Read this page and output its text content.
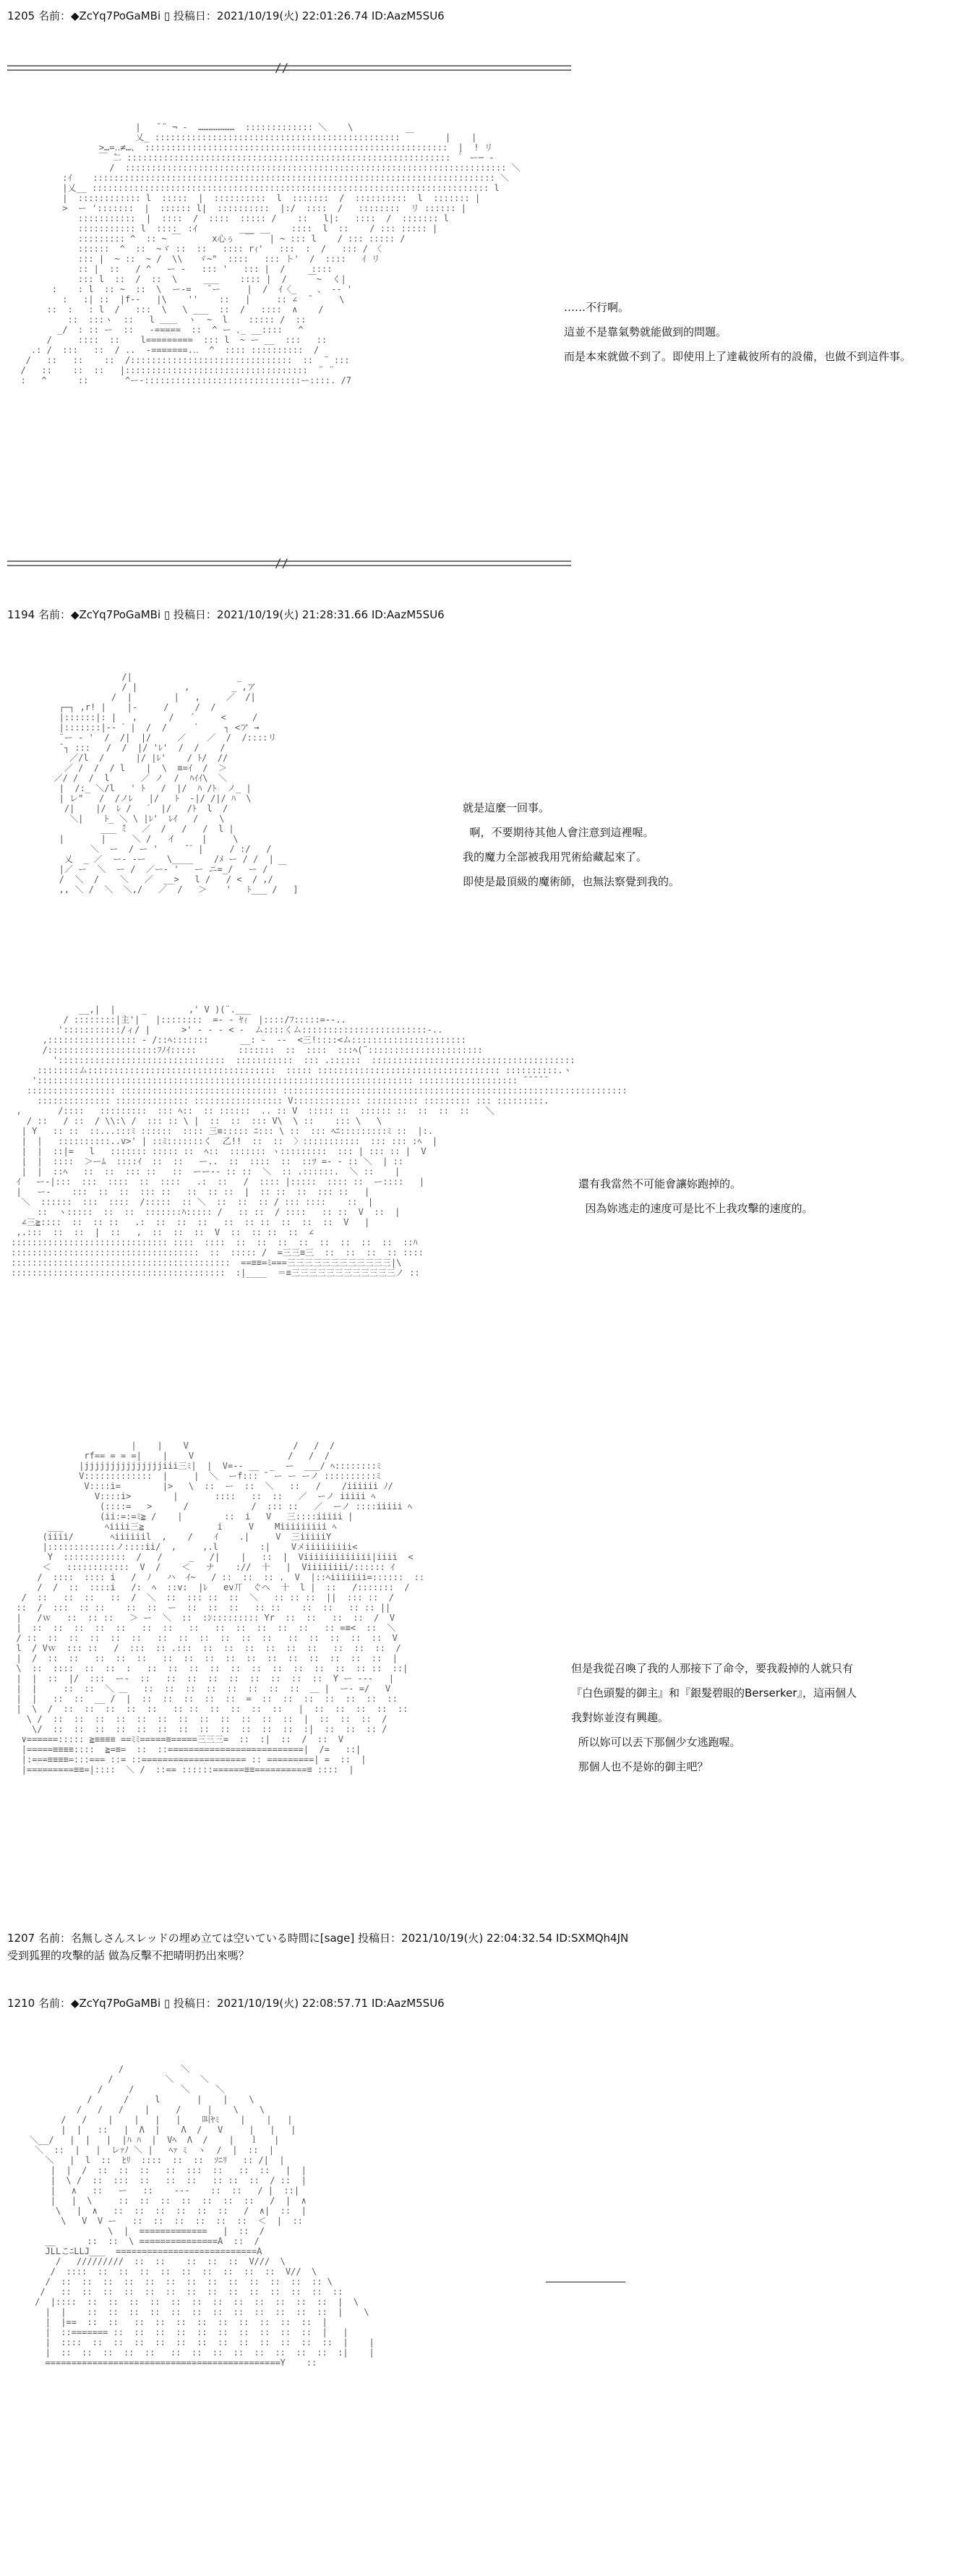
1205 名前：◆ZcYq7PoGaMBi ▯ 投稿日：2021/10/19(火) 22:01:26.74 ID:AazM5SU6
//

|   ̄ ¨ ¬ -  …………………  ::::::::::::: ＼    \
乂_ ::::::::::::::::::::::::::::::::::::::::::::::: ￣      |    |
>…=‥≠…、 ::::::::::::::::::::::::::::::::::::::::::::::::::::::::::  |  ! リ
￣ ̄二 :::::::::::::::::::::::::::::::::::::::::::::::::::::::::::::: ｀ ー─ ‐
/  ::::::::::::::::::::::::::::::::::::::::::::::::::::::::::::::::::::::::: ＼
:ｲ    ::::::::::::::::::::::::::::::::::::::::::::::::::::::::::::::::::::::::::::: ＼
|乂__ :::::::::::::::::::::::::::::::::::::::::::::::::::::::::::::::::::::::::::: l
|  :::::::::::: l  :::::  |  ::::::::::  l  :::::::  /  ::::::::::  l  ::::::: |
>  ー ':::::::  |  :::::: l|  ::::::::::  |:/  ::::  /   ::::::::  リ :::::: |
:::::::::::  |  ::::  /  ::::  ::::: /    ::   l|:   ::::  /  ::::::: l
::::::::::: l  ::::  :ｲ        ___ __    ::::  l  ::    / ::: ::::: |
::::::::: ^  :: ~ ￣      x心ぅ  ￣   | ~ ::: l    / ::: ::::: /
::::::  ^  ::  ~ゞ ::  ::   :::: rｨ'   :::  :  /   ::: / 〈
::: |  ~ ::  ~ /  \\   ゞ~"  ::::   ::: ト'  /  ::::   ｲ リ
:: |  ::   / ^   ー -   ::: '   ::: |  /     ::::
::: l  ::  /  ::  \     ___    :::: |  /    ￣~  く|
:    : l  :: ~  ::  \  ー-=   ̄ ー     |  /  ｲ〈_    、 -‐ '
:   :| ::  |f‐-   |\    ''    ::   |     :: ∠  ̄      \
::  :   : l  /   :::  \   \ ___  ::  /   ::::  ∧    /
::  :::ヽ  ::   l ＿＿  ヽ  ~  l    ::::: /  ::
_/  : :: ー  ::   ‐=====  ::  ^ ー ､_ __::::   ^
/     ::::  ::    l=========  ::: l  ~ ー __  :::   ::
.: /  :::   ::  / ..  ‐=======.‥  ^  :::: ::::::::::  /
/   ::   ::    ::  /:::::::::::::::::::::::::::::::  ::  ¨ :::
/   ::    ::  ::   |:::::::::::::::::::::::::::::::::::  ¨ ¨
:   ^      ::       ^ー-::::::::::::::::::::::::::::::ー::::. /7

……不行啊。
這並不是靠氣勢就能做到的問題。
而是本來就做不到了。即使用上了達載彼所有的設備，也做不到這件事。
//
1194 名前：◆ZcYq7PoGaMBi ▯ 投稿日：2021/10/19(火) 21:28:31.66 ID:AazM5SU6

/|                    _
/ |         ,        _ ,ア
/  |        |   ,     ／  /|
┌─┐ ,r! |    |‐     /     /  /
|::::::|: |   ,      /   ´     <     /
|:::::::|-- ゛|  /  /     ´     ┐ <ア →
¨ー ‐ '  /  /|  |/     ／    ／  /  /::::リ
̄ ┐ :::   /  /  |/ 'ﾚ'  /  /    /
／/l  /      |/ |ﾚ'    / ﾄ/  //
／ /  /  / l    |  \  ≡=ｲ  /  ＞
／/ /  /  l      ／ ノ  /  ﾊｲｲ\  ＼
|  /:_ ＼/l   ' ﾄ   /  |/  ﾊ /ﾄ  ノ_ |
| レ"   /  /ノﾚ   |/   ﾄ  ‐|/ /|/ ﾊ  \
/|    |/  ﾚ /   ゛ |/   /ﾄ  l  /
＼|    ﾄ_ ＼ \ |ﾚ'  ﾚｲ   /    \
___ ̄ﾐ   ／  /   /   /  l |
|       |     ＼ /   イ     |     \
＼  ー  / ー '     ̄ ゛|     / :/   /
乂  _ ／  ー- ‐ー    \____    /ﾒ ー / /  |
|／ ー  ＼  ー /  ／ー‐ '   ー ニ=_/   ー /  ￣
/  ＼  /    ＼   ／  __>   l /   / <  / ,/
,, ＼ /  ＼  ＼,/   ／  /   ＞ 　 '   ﾄ___ /   ]

就是這麼一回事。
啊，不要期待其他人會注意到這裡喔。
我的魔力全部被我用咒術給藏起來了。
即使是最頂級的魔術師，也無法察覺到我的。

__,|  |     _        ,' V )(¨.___
/ ::::::::|主'|   |::::::::  =‐ ‐ ﾔｨ  |::::/ﾌ:::::=--..
':::::::::::/ィ/ |      >' ‐ ‐ ‐ < ‐  ム::::くム::::::::::::::::::::::::‐..
,::::::::::::::::: ‐ /::ﾍ:::::::      __: ‐  ‐-  <三!::::<ム::::::::::::::::::::::
/:::::::::::::::::::::ﾌﾉｲ:::::        :::::::  ::  ::::  :::ﾍ(¨::::::::::::::::::::::
'::::::::::::::::::::::::::::::::  :::::::::::  ::: .::::::  :::::::::::::::::::::::::::::::::::::::
::::::::ム::::::::::::::::::::::::::::::::::::  ::::: ::::::::::::::::::::::::::::::::::: ::::::::::.ヽ
':::::::::::::::::::::::::::::::::::::::::::::::::::::::::::::::::::::::: ::::::::::::::::::: ̄ ̄ ̄ ̄ ̄
::::::::::::::::: :::::::::::::::::::::::::::::: ::::::::::::::::::::::::::::::::::::::::::::::::::::::::::::::::::
:::::::::::::: :::::::::::::: ::::::::::::::::: V::::::::::::: :::::::::: ::::::::: ::: :::::::::.
,       /::::   :::::::::  ::: ﾍ::  :: ::::::  .. :: V  ::::: ::  :::::: ::  ::  ::  ::   ＼
/ ::   / ::  / \\:\ /  ::: :: \ |  ::  ::  ::: V\  \ ::    ::: \   \
| Y   :: ::  ::...:::ﾐ ::::::  :::: 三≡::::: ﾆ::: \ ::  ::: ﾍﾆ:::::::::ﾐ ::  |:.
|  |   ::::::::::..v>' | ::ﾐ:::::::く  乙!!  ::  ::  〉:::::::::::  ::: ::: :ﾍ  |
|  |  ::|=   l   ::::::: ::::: ::  ﾍ::  ::::::: ヽ:::::::::  ::: | ::: :: |  V
|  |  ::::  ＞ーﾑ  ::::ｲ  ::  ::   ー..  ::  ::::  ::  ::ﾂ =‐ ‐ :: ＼  | ::
|  |  ::ﾍ   ::  ::  ::: ::   ::  ーー‐‐ :: ::  ＼  :: .::::::.  ＼ ::    |
ｲ   ー-|:::  :::  ::::  ::  ::::   .:  ::   /  :::: |:::::  :::: ::  ー::::   |
|   ー‐    :::  ::  ::  ::: ::   ::  :: ::  |  :: ::  ::  ::: ::   |
＼  ::::::  :::  ::::  /:::::  :: ＼  ::  ::  :: / ::: ::::    ::  |
::  ヽ:::::  ::  ::  :::::::ﾊ::::: /   :: ::  / ::::   :: ::  V  ::  |
∠三≧::::  ::  :: ::   .:  ::  ::  ::   ::  :: ::  ::  ::  ::  V   |
,.:::  ::  ::  |  ::   ,  ::  ::  ::  V  ::  :: ::  ::  ∠
:::::::::::::::::::::::::::::: ::::  ::::  ::  ::  ::  ::  ::  ::  ::  ::  ::ﾊ
::::::::::::::::::::::::::::::::::::  ::  ::::: /  =三三≡三  ::  ::  ::  :: ::::
::::::::::::::::::::::::::::::::::::::::::  ==≡≡=ﾐ===三三三三三三三三三三三三|\
:::::::::::::::::::::::::::::::::::::::::  :|____  ＝≡三三三三三三三三三三三三ノ ::

還有我當然不可能會讓妳跑掉的。
因為妳逃走的速度可是比不上我攻擊的速度的。

|    |    V                    /   /  /
rf== = = =|    |    V                  /   /  /
|jjjjjjjjjjjjjjjiii三ﾐ|  |  V=-- __  _  ー  ___/ ﾍ::::::::ﾐ
V:::::::::::::  |     |  ＼  ーf::: ̄  ー ー ーノ ::::::::::ﾐ
V::::i=        |>   \  ::  ー  ::  ＼   ::   /    /iiiiii ﾉ/
V::::i>        |       ::::   ::  ::   ／  ーノ iiiii ﾍ
(::::=   >      /            /  ::: ::   ／  ーノ ::::iiiii ﾍ
(ii:=:=ﾐ≧ /    |        ::  i   V   三::::iiiii |
___        ﾍiiii三≧              i     V    Miiiiiiiii ﾍ
(iiii/       ﾍiiiiiil  ,    /    ｲ    .|     V  三iiiiiY
|:::::::::::::ノ::::ii/  ,     ,.l        :|    Vメiiiiiiiii<
Y  ::::::::::::  /   /     _   /|    |   ::  |  Viiiiiiiiiiiii|iiii  <
＜   ::::::::::::  V  /    ＜   ナ    ://  十   |  Viiiiiiii/:::::: ｲ
/  ::::  :::: i   /  ﾉ   ハ  ｲ~   / ::  ::  :: .  V  |::ﾍiiiiiii=::::::  ::
/  /  ::  ::::i   /:  ﾍ  ::v:  |ﾚ   ev丌  ぐへ  十  l |  ::   /:::::::  /
/  ::   ::  ::   ::  /  ＼  ::  ::: ::  ::  ＼   :: :: ::  ||  ::: ::  /
::  /  :::  :: ::    ::  ::  ー  ::  ::  ::   :: ::    ::  ::   :: :: ||
|   /ｗ   ::  :: ::   ＞ ー  ＼  ::  :ﾝ::::::::: Yr  ::  ::   ::  ::  /  V
|  ::  ::  ::  ::  ::   ::  ::   ::   ::  ::  ::  ::  ::   :: =≡<  ::  ＼
/ ::  ::  ::  ::  ::  ::   ::  ::  ::  ::  ::  ::   ::  ::  ::  ::  ::  V
l  / Vｗ  ::: ::   /  :::  :: .:::  ::  ::  ::  ::  ::  ::   ::  ::  ::  /
|  /  ::  ::   ::  ::  ::   ::  ::  ::  ::  ::  ::  ::  ::  ::  ::  ::  |
\  ::  ::::  ::  ::  :   ::  ::  ::  ::  ::  ::  ::  ::  ::  ::  :: ::  ::|
|  |  ::  |/  :::  ー-  ::   ::  ::  ::  ::  ::  ::  ::  ::  Y ー ---   |
|  |     ::  ::  ＼ ＿   ::  ::  ::  ::  ::  ::  ::  ::  ＿ |  ー- =/   V
|  |   ::  ::  __ /  |  ::  ::  ::  ::  ::  =  ::  ::  ::  ::  ::  ::  ::
|  \  /  ::  ::  ::  ::  ::   :: ::  ::  ::  ::  ::   |  ::  ::  ::  ::  ::
\ /  ::  ::  ::  ::  ::  ::  ::  ::  ::  ::  ::  ::  |  ::  ::  ::  /
\/  ::  ::  ::  ::  ::  ::  ::  ::  ::  ::  ::  ::  :|  ::  ::  :: /
∨======::::: ≧≡≡≡≡ ==ﾐﾐ=====≡=====三三三=  ::  :|  ::  /  ::  V
|=====≡≡≡≡::::  ≧=≡=  ::  ::==========================|  /=   ::|
|:===≡≡≡≡=:::=== ::= ::==================== :: =========| =  ::  |
|=========≡≡=|::::  ＼ /  ::== ::::::======≡≡==========≡ ::::  |

但是我從召喚了我的人那接下了命令，要我殺掉的人就只有
『白色頭髮的御主』和『銀髮碧眼的Berserker』，這兩個人
我對妳並沒有興趣。
所以妳可以丟下那個少女逃跑喔。
那個人也不是妳的御主吧？
1207 名前：名無しさんスレッドの埋め立ては空いている時間に[sage] 投稿日：2021/10/19(火) 22:04:32.54 ID:SXMQh4JN
受到狐狸的攻擊的話 做為反擊不把晴明扔出來嗎？
1210 名前：◆ZcYq7PoGaMBi ▯ 投稿日：2021/10/19(火) 22:08:57.71 ID:AazM5SU6

/           ＼
/          ＼     ＼
/     /         ＼     ＼
/      /     l       |    |    \
/   /   /    |     /     |    \    \
/   /    |    |   |   |    叫ﾔﾐ    |    |   |
|  |   ::   |  Λ  |    Λ  /   V     |   |   |
＼__/   |  |   |  |ﾊ ﾊ  |  Vﾍ  Λ  /    |   ｌ   |
＼  ::  |   |  レｧﾉ ＼ |   ﾍｧ ﾐ  ヽ  /  |  ::  |
＼   |  l  ::  ﾋﾘ  ::::  ::  ::  ｿﾆﾘ   :: /|  |
|  |  /  ::  ::  ::   ::  :::  ::   ::  ::   |  |
|  \ /  ::  :::  ::   ::  ::   :: ::  ::  / ::  |
|   ∧   ::   ー   ::    ---    ::  ::   / |  ::|
|   |  \     ::  ::  ::  ::  ::  ::  ::   /  |  ∧
\   |  ∧   ::  ::  ::  ::  ::  ::   /  ∧|  ::  |
\   V  V ー   ::  ::  ::  ::  ::  ::  ＜  |  ::
\  |  =============   |  ::  /
__      ::  ::  \ ===============A  ::  /
JLLこﾆLLJ___  ===========================A
/   /////////  ::  ::    ::  ::  ::  V///  \
/  ::::  ::  ::  ::  ::  ::  ::  ::  ::  ::  V//  \
/  ::  ::  ::  ::  ::  ::  ::  ::  ::  ::  ::  ::  :: \
/   ::  ::  ::  ::  ::  ::  ::  ::  ::  ::  ::  ::  ::  ::
/  |::::  ::  ::  ::  ::  ::  ::  ::  ::  ::  ::  ::  ::  |  \
|  |    ::  ::  ::  ::  ::  ::  ::  ::  ::  ::  ::  ::  |    \
|  |==  ::  ::   ::  ::  ::  ::  ::  ::  ::  ::  ::  |
|  ::======= ::  ::  ::  ::  ::  ::  ::  ::  ::  ::  |   |
|  ::::  ::  ::  ::  ::  ::  ::  ::  ::  ::  ::  ::  ::  |    |
|  ::  ::  ::  ::  ::   ::  ::  ::  ::  ::  ::  ::  ::  :|    |
=============================================Y    ::
